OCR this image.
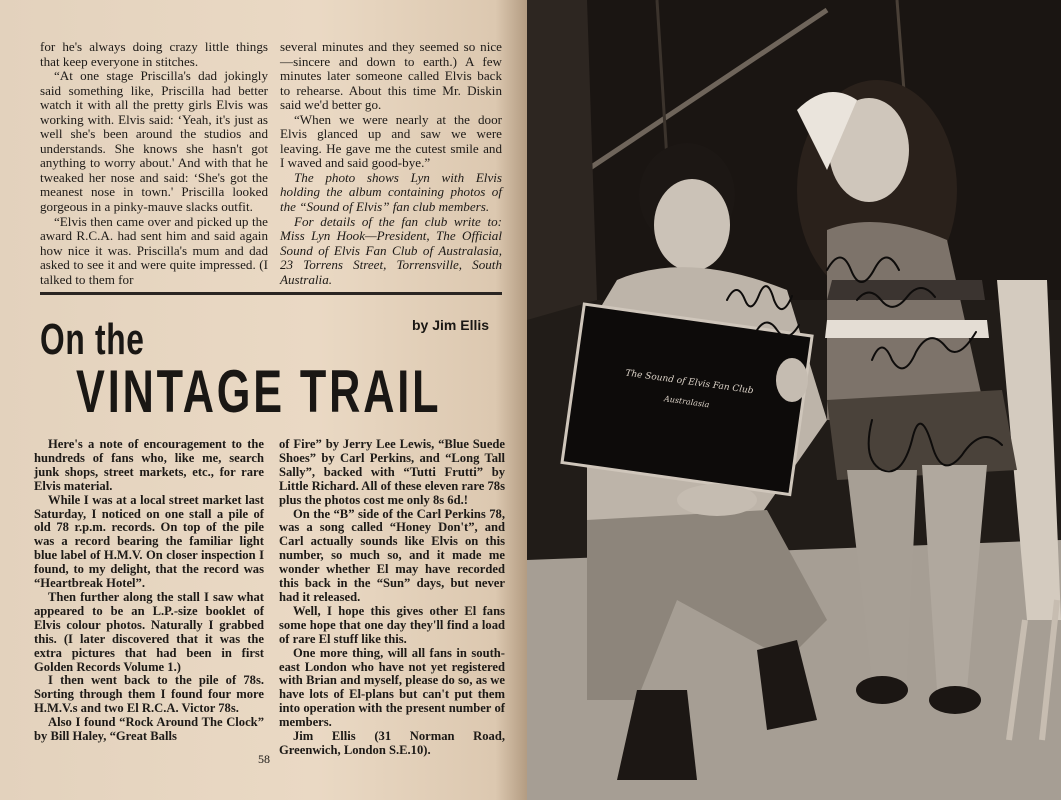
for he's always doing crazy little things that keep everyone in stitches.

“At one stage Priscilla's dad jokingly said something like, Priscilla had better watch it with all the pretty girls Elvis was working with. Elvis said: ‘Yeah, it's just as well she's been around the studios and understands. She knows she hasn't got anything to worry about.' And with that he tweaked her nose and said: ‘She's got the meanest nose in town.' Priscilla looked gorgeous in a pinky-mauve slacks outfit.

“Elvis then came over and picked up the award R.C.A. had sent him and said again how nice it was. Priscilla's mum and dad asked to see it and were quite impressed. (I talked to them for

several minutes and they seemed so nice—sincere and down to earth.) A few minutes later someone called Elvis back to rehearse. About this time Mr. Diskin said we'd better go.

“When we were nearly at the door Elvis glanced up and saw we were leaving. He gave me the cutest smile and I waved and said good-bye.”

The photo shows Lyn with Elvis holding the album containing photos of the “Sound of Elvis” fan club members.

For details of the fan club write to: Miss Lyn Hook—President, The Official Sound of Elvis Fan Club of Australasia, 23 Torrens Street, Torrensville, South Australia.

On the
VINTAGE TRAIL
by Jim Ellis

Here's a note of encouragement to the hundreds of fans who, like me, search junk shops, street markets, etc., for rare Elvis material.

While I was at a local street market last Saturday, I noticed on one stall a pile of old 78 r.p.m. records. On top of the pile was a record bearing the familiar light blue label of H.M.V. On closer inspection I found, to my delight, that the record was “Heartbreak Hotel”.

Then further along the stall I saw what appeared to be an L.P.-size booklet of Elvis colour photos. Naturally I grabbed this. (I later discovered that it was the extra pictures that had been in first Golden Records Volume 1.)

I then went back to the pile of 78s. Sorting through them I found four more H.M.V.s and two El R.C.A. Victor 78s.

Also I found “Rock Around The Clock” by Bill Haley, “Great Balls

of Fire” by Jerry Lee Lewis, “Blue Suede Shoes” by Carl Perkins, and “Long Tall Sally”, backed with “Tutti Frutti” by Little Richard. All of these eleven rare 78s plus the photos cost me only 8s 6d.!

On the “B” side of the Carl Perkins 78, was a song called “Honey Don't”, and Carl actually sounds like Elvis on this number, so much so, and it made me wonder whether El may have recorded this back in the “Sun” days, but never had it released.

Well, I hope this gives other El fans some hope that one day they'll find a load of rare El stuff like this.

One more thing, will all fans in south-east London who have not yet registered with Brian and myself, please do so, as we have lots of El-plans but can't put them into operation with the present number of members.

Jim Ellis (31 Norman Road, Greenwich, London S.E.10).

58
The Sound of Elvis Fan Club
Australasia
